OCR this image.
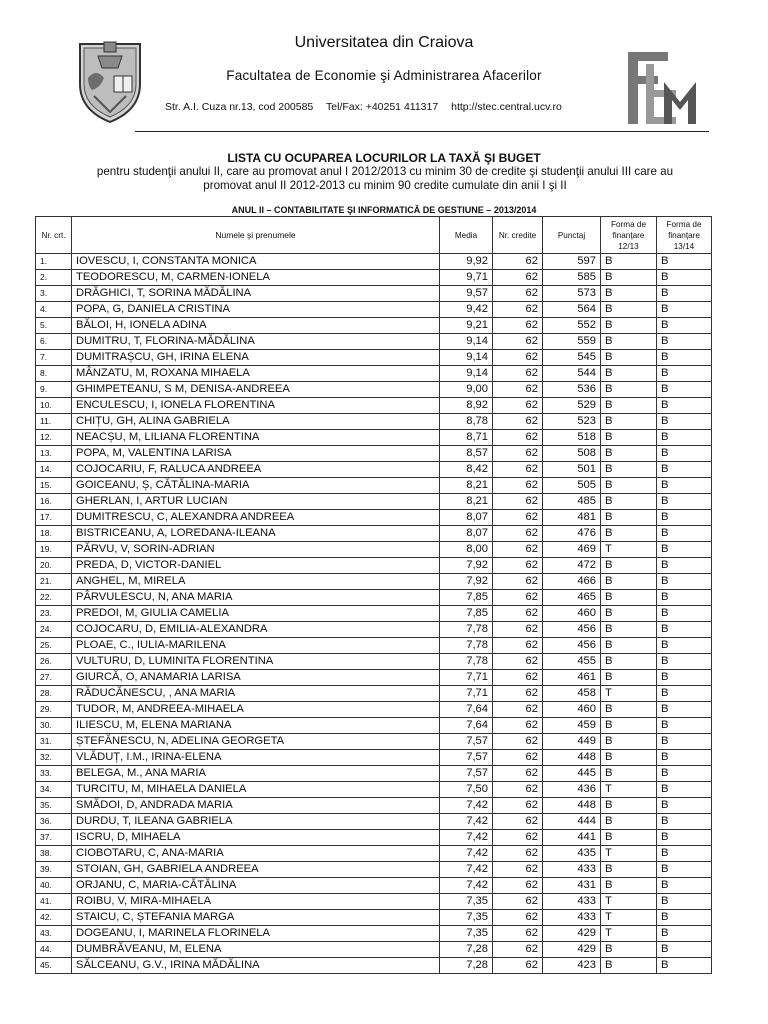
Universitatea din Craiova
Facultatea de Economie şi Administrarea Afacerilor
Str. A.I. Cuza nr.13, cod 200585 Tel/Fax: +40251 411317 http://stec.central.ucv.ro
LISTA CU OCUPAREA LOCURILOR LA TAXĂ ŞI BUGET
pentru studenţii anului II, care au promovat anul I 2012/2013 cu minim 30 de credite şi studenţii anului III care au
promovat anul II 2012-2013 cu minim 90 credite cumulate din anii I şi II
ANUL II – CONTABILITATE ŞI INFORMATICĂ DE GESTIUNE – 2013/2014
Nr. crt.	Numele şi prenumele	Media	Nr. credite	Punctaj	Forma de finanţare 12/13	Forma de finanţare 13/14
1.	IOVESCU, I, CONSTANTA MONICA	9,92	62	597	B	B
2.	TEODORESCU, M, CARMEN-IONELA	9,71	62	585	B	B
3.	DRĂGHICI, T, SORINA MĂDĂLINA	9,57	62	573	B	B
4.	POPA, G, DANIELA CRISTINA	9,42	62	564	B	B
5.	BĂLOI, H, IONELA ADINA	9,21	62	552	B	B
6.	DUMITRU, T, FLORINA-MĂDĂLINA	9,14	62	559	B	B
7.	DUMITRAȘCU, GH, IRINA ELENA	9,14	62	545	B	B
8.	MÂNZATU, M, ROXANA MIHAELA	9,14	62	544	B	B
9.	GHIMPETEANU, S M, DENISA-ANDREEA	9,00	62	536	B	B
10.	ENCULESCU, I, IONELA FLORENTINA	8,92	62	529	B	B
11.	CHIȚU, GH, ALINA GABRIELA	8,78	62	523	B	B
12.	NEACȘU, M, LILIANA FLORENTINA	8,71	62	518	B	B
13.	POPA, M, VALENTINA LARISA	8,57	62	508	B	B
14.	COJOCARIU, F, RALUCA ANDREEA	8,42	62	501	B	B
15.	GOICEANU, Ș, CĂTĂLINA-MARIA	8,21	62	505	B	B
16.	GHERLAN, I, ARTUR LUCIAN	8,21	62	485	B	B
17.	DUMITRESCU, C, ALEXANDRA ANDREEA	8,07	62	481	B	B
18.	BISTRICEANU, A, LOREDANA-ILEANA	8,07	62	476	B	B
19.	PĂRVU, V, SORIN-ADRIAN	8,00	62	469	T	B
20.	PREDA, D, VICTOR-DANIEL	7,92	62	472	B	B
21.	ANGHEL, M, MIRELA	7,92	62	466	B	B
22.	PÂRVULESCU, N, ANA MARIA	7,85	62	465	B	B
23.	PREDOI, M, GIULIA CAMELIA	7,85	62	460	B	B
24.	COJOCARU, D, EMILIA-ALEXANDRA	7,78	62	456	B	B
25.	PLOAE, C., IULIA-MARILENA	7,78	62	456	B	B
26.	VULTURU, D, LUMINITA FLORENTINA	7,78	62	455	B	B
27.	GIURCĂ, O, ANAMARIA LARISA	7,71	62	461	B	B
28.	RĂDUCĂNESCU, , ANA MARIA	7,71	62	458	T	B
29.	TUDOR, M, ANDREEA-MIHAELA	7,64	62	460	B	B
30.	ILIESCU, M, ELENA MARIANA	7,64	62	459	B	B
31.	ȘTEFĂNESCU, N, ADELINA GEORGETA	7,57	62	449	B	B
32.	VLĂDUȚ, I.M., IRINA-ELENA	7,57	62	448	B	B
33.	BELEGA, M., ANA MARIA	7,57	62	445	B	B
34.	TURCITU, M, MIHAELA DANIELA	7,50	62	436	T	B
35.	SMĂDOI, D, ANDRADA MARIA	7,42	62	448	B	B
36.	DURDU, T, ILEANA GABRIELA	7,42	62	444	B	B
37.	ISCRU, D, MIHAELA	7,42	62	441	B	B
38.	CIOBOTARU, C, ANA-MARIA	7,42	62	435	T	B
39.	STOIAN, GH, GABRIELA ANDREEA	7,42	62	433	B	B
40.	ORJANU, C, MARIA-CĂTĂLINA	7,42	62	431	B	B
41.	ROIBU, V, MIRA-MIHAELA	7,35	62	433	T	B
42.	STAICU, C, ȘTEFANIA MARGA	7,35	62	433	T	B
43.	DOGEANU, I, MARINELA FLORINELA	7,35	62	429	T	B
44.	DUMBRĂVEANU, M, ELENA	7,28	62	429	B	B
45.	SĂLCEANU, G.V., IRINA MĂDĂLINA	7,28	62	423	B	B
